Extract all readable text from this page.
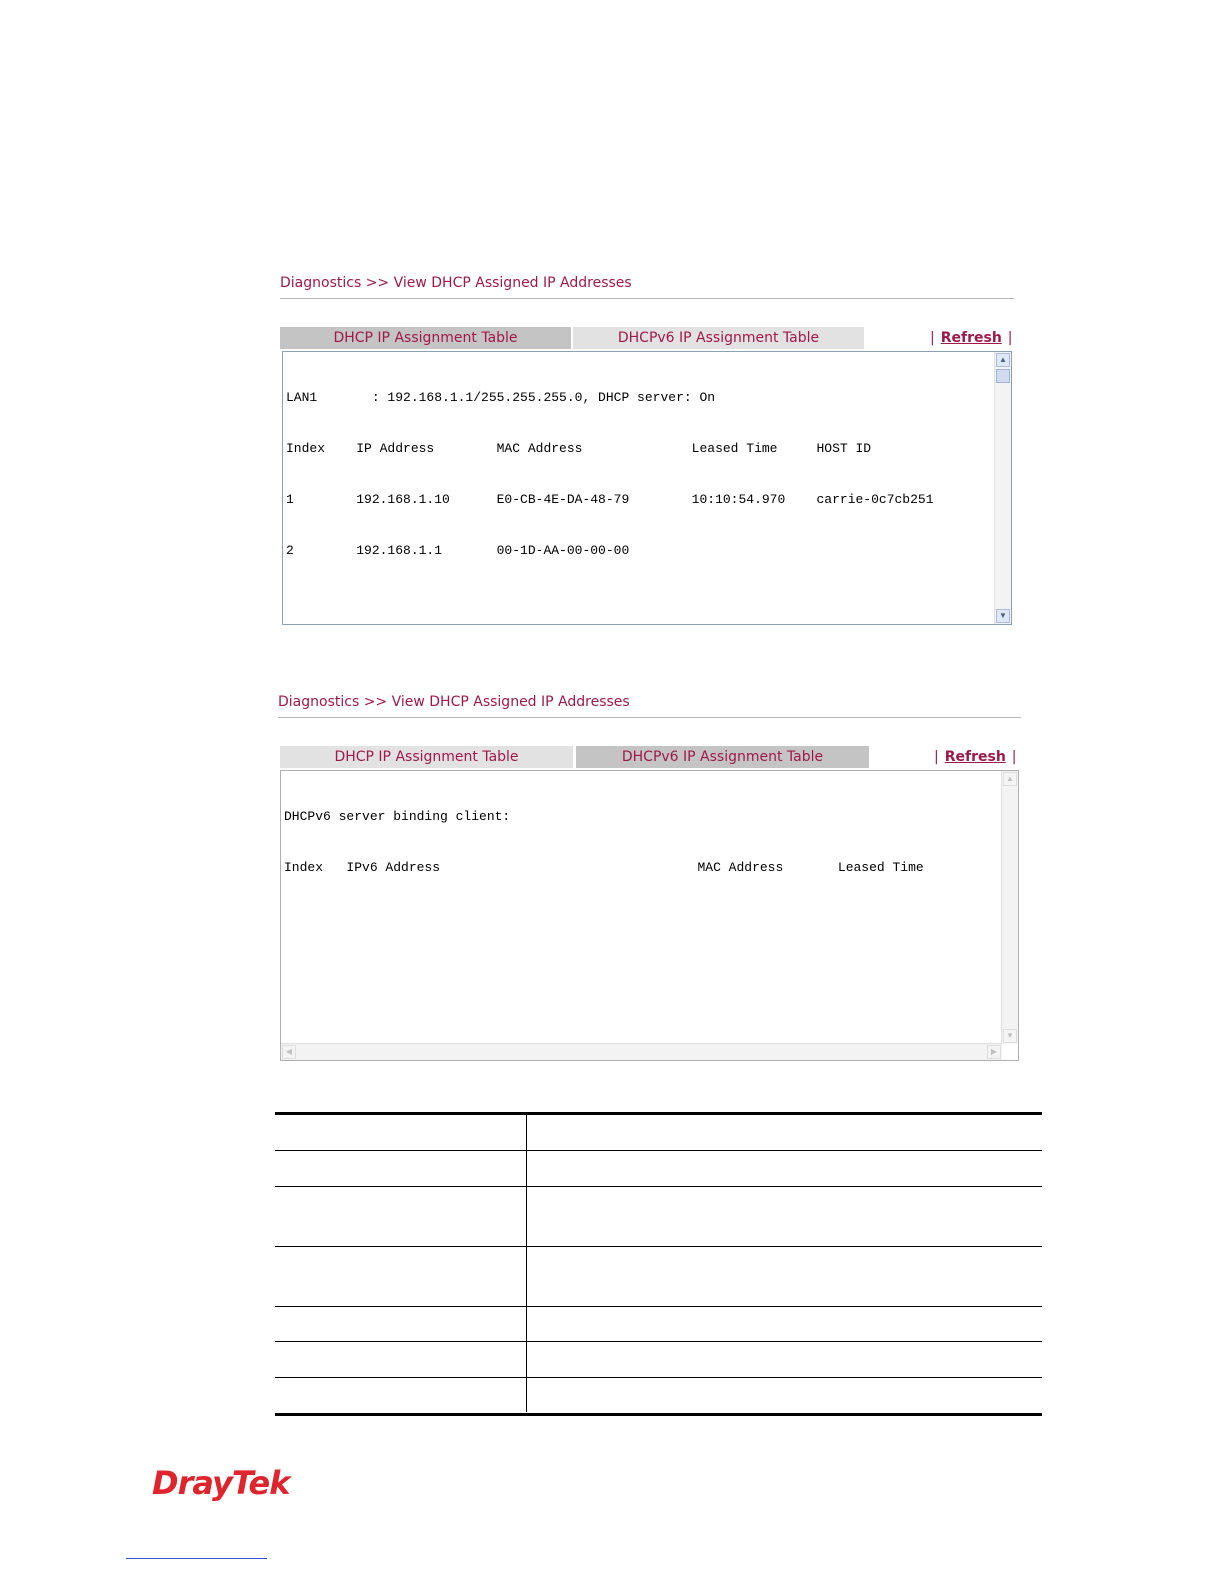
Diagnostics >> View DHCP Assigned IP Addresses
DHCP IP Assignment Table	DHCPv6 IP Assignment Table	| Refresh |

LAN1       : 192.168.1.1/255.255.255.0, DHCP server: On

Index    IP Address        MAC Address              Leased Time     HOST ID

1        192.168.1.10      E0-CB-4E-DA-48-79        10:10:54.970    carrie-0c7cb251

2        192.168.1.1       00-1D-AA-00-00-00

▲
▼
Diagnostics >> View DHCP Assigned IP Addresses
DHCP IP Assignment Table	DHCPv6 IP Assignment Table	| Refresh |

DHCPv6 server binding client:

Index   IPv6 Address                                 MAC Address       Leased Time

▲
▼
◀	▶

DrayTek
